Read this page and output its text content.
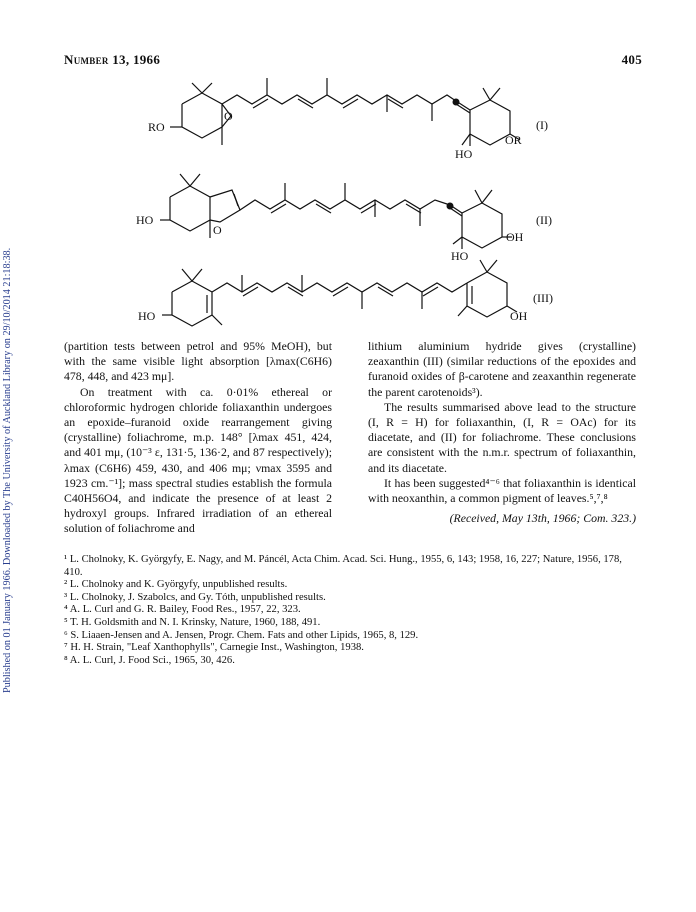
Published on 01 January 1966. Downloaded by The University of Auckland Library on 29/10/2014 21:18:38.
Number 13, 1966	405
RO
O
HO
OR
(I)
HO
O
HO
OH
(II)
HO	OH
(III)

(partition tests between petrol and 95% MeOH), but with the same visible light absorption [λmax(C6H6) 478, 448, and 423 mμ].

On treatment with ca. 0·01% ethereal or chloroformic hydrogen chloride foliaxanthin undergoes an epoxide–furanoid oxide rearrangement giving (crystalline) foliachrome, m.p. 148° [λmax 451, 424, and 401 mμ, (10⁻³ ε, 131·5, 136·2, and 87 respectively); λmax (C6H6) 459, 430, and 406 mμ; νmax 3595 and 1923 cm.⁻¹]; mass spectral studies establish the formula C40H56O4, and indicate the presence of at least 2 hydroxyl groups. Infrared irradiation of an ethereal solution of foliachrome and

lithium aluminium hydride gives (crystalline) zeaxanthin (III) (similar reductions of the epoxides and furanoid oxides of β-carotene and zeaxanthin regenerate the parent carotenoids³).

The results summarised above lead to the structure (I, R = H) for foliaxanthin, (I, R = OAc) for its diacetate, and (II) for foliachrome. These conclusions are consistent with the n.m.r. spectrum of foliaxanthin, and its diacetate.

It has been suggested⁴⁻⁶ that foliaxanthin is identical with neoxanthin, a common pigment of leaves.⁵,⁷,⁸

(Received, May 13th, 1966; Com. 323.)
¹ L. Cholnoky, K. Györgyfy, E. Nagy, and M. Páncél, Acta Chim. Acad. Sci. Hung., 1955, 6, 143; 1958, 16, 227; Nature, 1956, 178, 410.
² L. Cholnoky and K. Györgyfy, unpublished results.
³ L. Cholnoky, J. Szabolcs, and Gy. Tóth, unpublished results.
⁴ A. L. Curl and G. R. Bailey, Food Res., 1957, 22, 323.
⁵ T. H. Goldsmith and N. I. Krinsky, Nature, 1960, 188, 491.
⁶ S. Liaaen-Jensen and A. Jensen, Progr. Chem. Fats and other Lipids, 1965, 8, 129.
⁷ H. H. Strain, "Leaf Xanthophylls", Carnegie Inst., Washington, 1938.
⁸ A. L. Curl, J. Food Sci., 1965, 30, 426.
